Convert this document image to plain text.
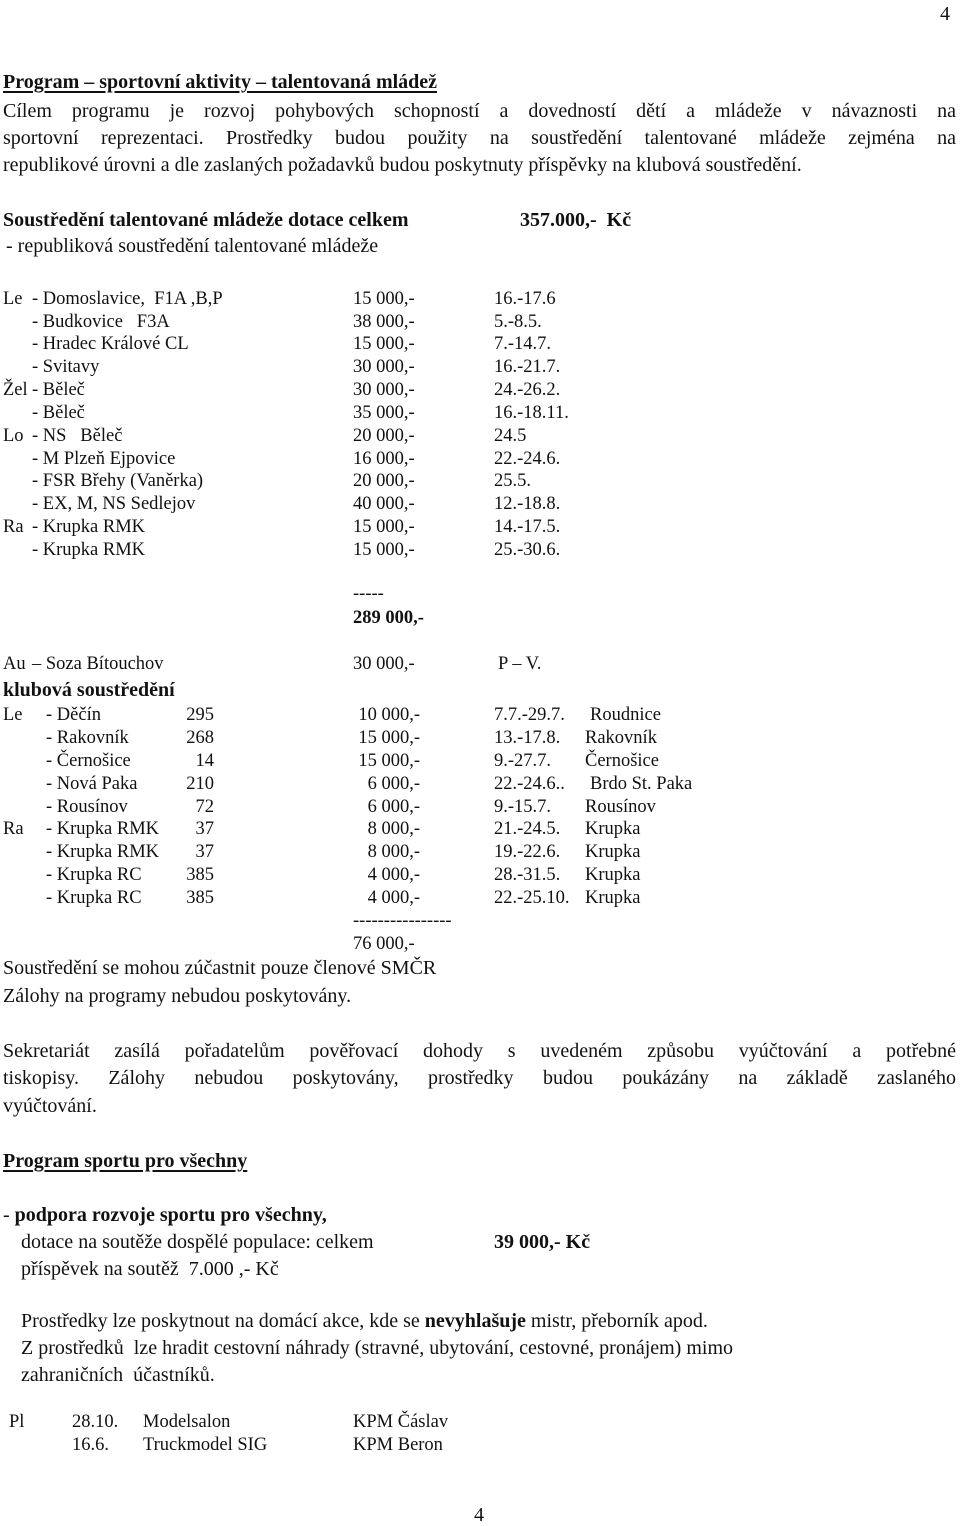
4
Program – sportovní aktivity – talentovaná mládež
Cílem programu je rozvoj pohybových schopností a dovedností dětí a mládeže v návaznosti na
sportovní reprezentaci. Prostředky budou použity na soustředění talentované mládeže zejména na
republikové úrovni a dle zaslaných požadavků budou poskytnuty příspěvky na klubová soustředění.
Soustředění talentované mládeže dotace celkem	357.000,-  Kč
- republiková soustředění talentované mládeže
Le - Domoslavice,  F1A ,B,P	15 000,-	16.-17.6
- Budkovice   F3A	38 000,-	5.-8.5.
- Hradec Králové CL	15 000,-	7.-14.7.
- Svitavy	30 000,-	16.-21.7.
Žel - Běleč	30 000,-	24.-26.2.
- Běleč	35 000,-	16.-18.11.
Lo - NS   Běleč	20 000,-	24.5
- M Plzeň Ejpovice	16 000,-	22.-24.6.
- FSR Břehy (Vaněrka)	20 000,-	25.5.
- EX, M, NS Sedlejov	40 000,-	12.-18.8.
Ra - Krupka RMK	15 000,-	14.-17.5.
- Krupka RMK	15 000,-	25.-30.6.
-----
289 000,-
Au – Soza Bítouchov	30 000,-	P – V.
klubová soustředění
Le - Děčín	295	10 000,-	7.7.-29.7. Roudnice
- Rakovník	268	15 000,-	13.-17.8. Rakovník
- Černošice	14	15 000,-	9.-27.7. Černošice
- Nová Paka	210	6 000,-	22.-24.6.. Brdo St. Paka
- Rousínov	72	6 000,-	9.-15.7. Rousínov
Ra - Krupka RMK 37	8 000,-	21.-24.5. Krupka
- Krupka RMK 37	8 000,-	19.-22.6. Krupka
- Krupka RC 385	4 000,-	28.-31.5. Krupka
- Krupka RC 385	4 000,-	22.-25.10. Krupka
----------------
76 000,-
Soustředění se mohou zúčastnit pouze členové SMČR
Zálohy na programy nebudou poskytovány.
Sekretariát zasílá pořadatelům pověřovací dohody s uvedeném způsobu vyúčtování a potřebné
tiskopisy. Zálohy nebudou poskytovány, prostředky budou poukázány na základě zaslaného
vyúčtování.
Program sportu pro všechny
- podpora rozvoje sportu pro všechny,
dotace na soutěže dospělé populace: celkem	39 000,- Kč
příspěvek na soutěž  7.000 ,- Kč
Prostředky lze poskytnout na domácí akce, kde se nevyhlašuje mistr, přeborník apod.
Z prostředků  lze hradit cestovní náhrady (stravné, ubytování, cestovné, pronájem) mimo
zahraničních  účastníků.
Pl	28.10. Modelsalon	KPM Čáslav
16.6. Truckmodel SIG	KPM Beron
4
